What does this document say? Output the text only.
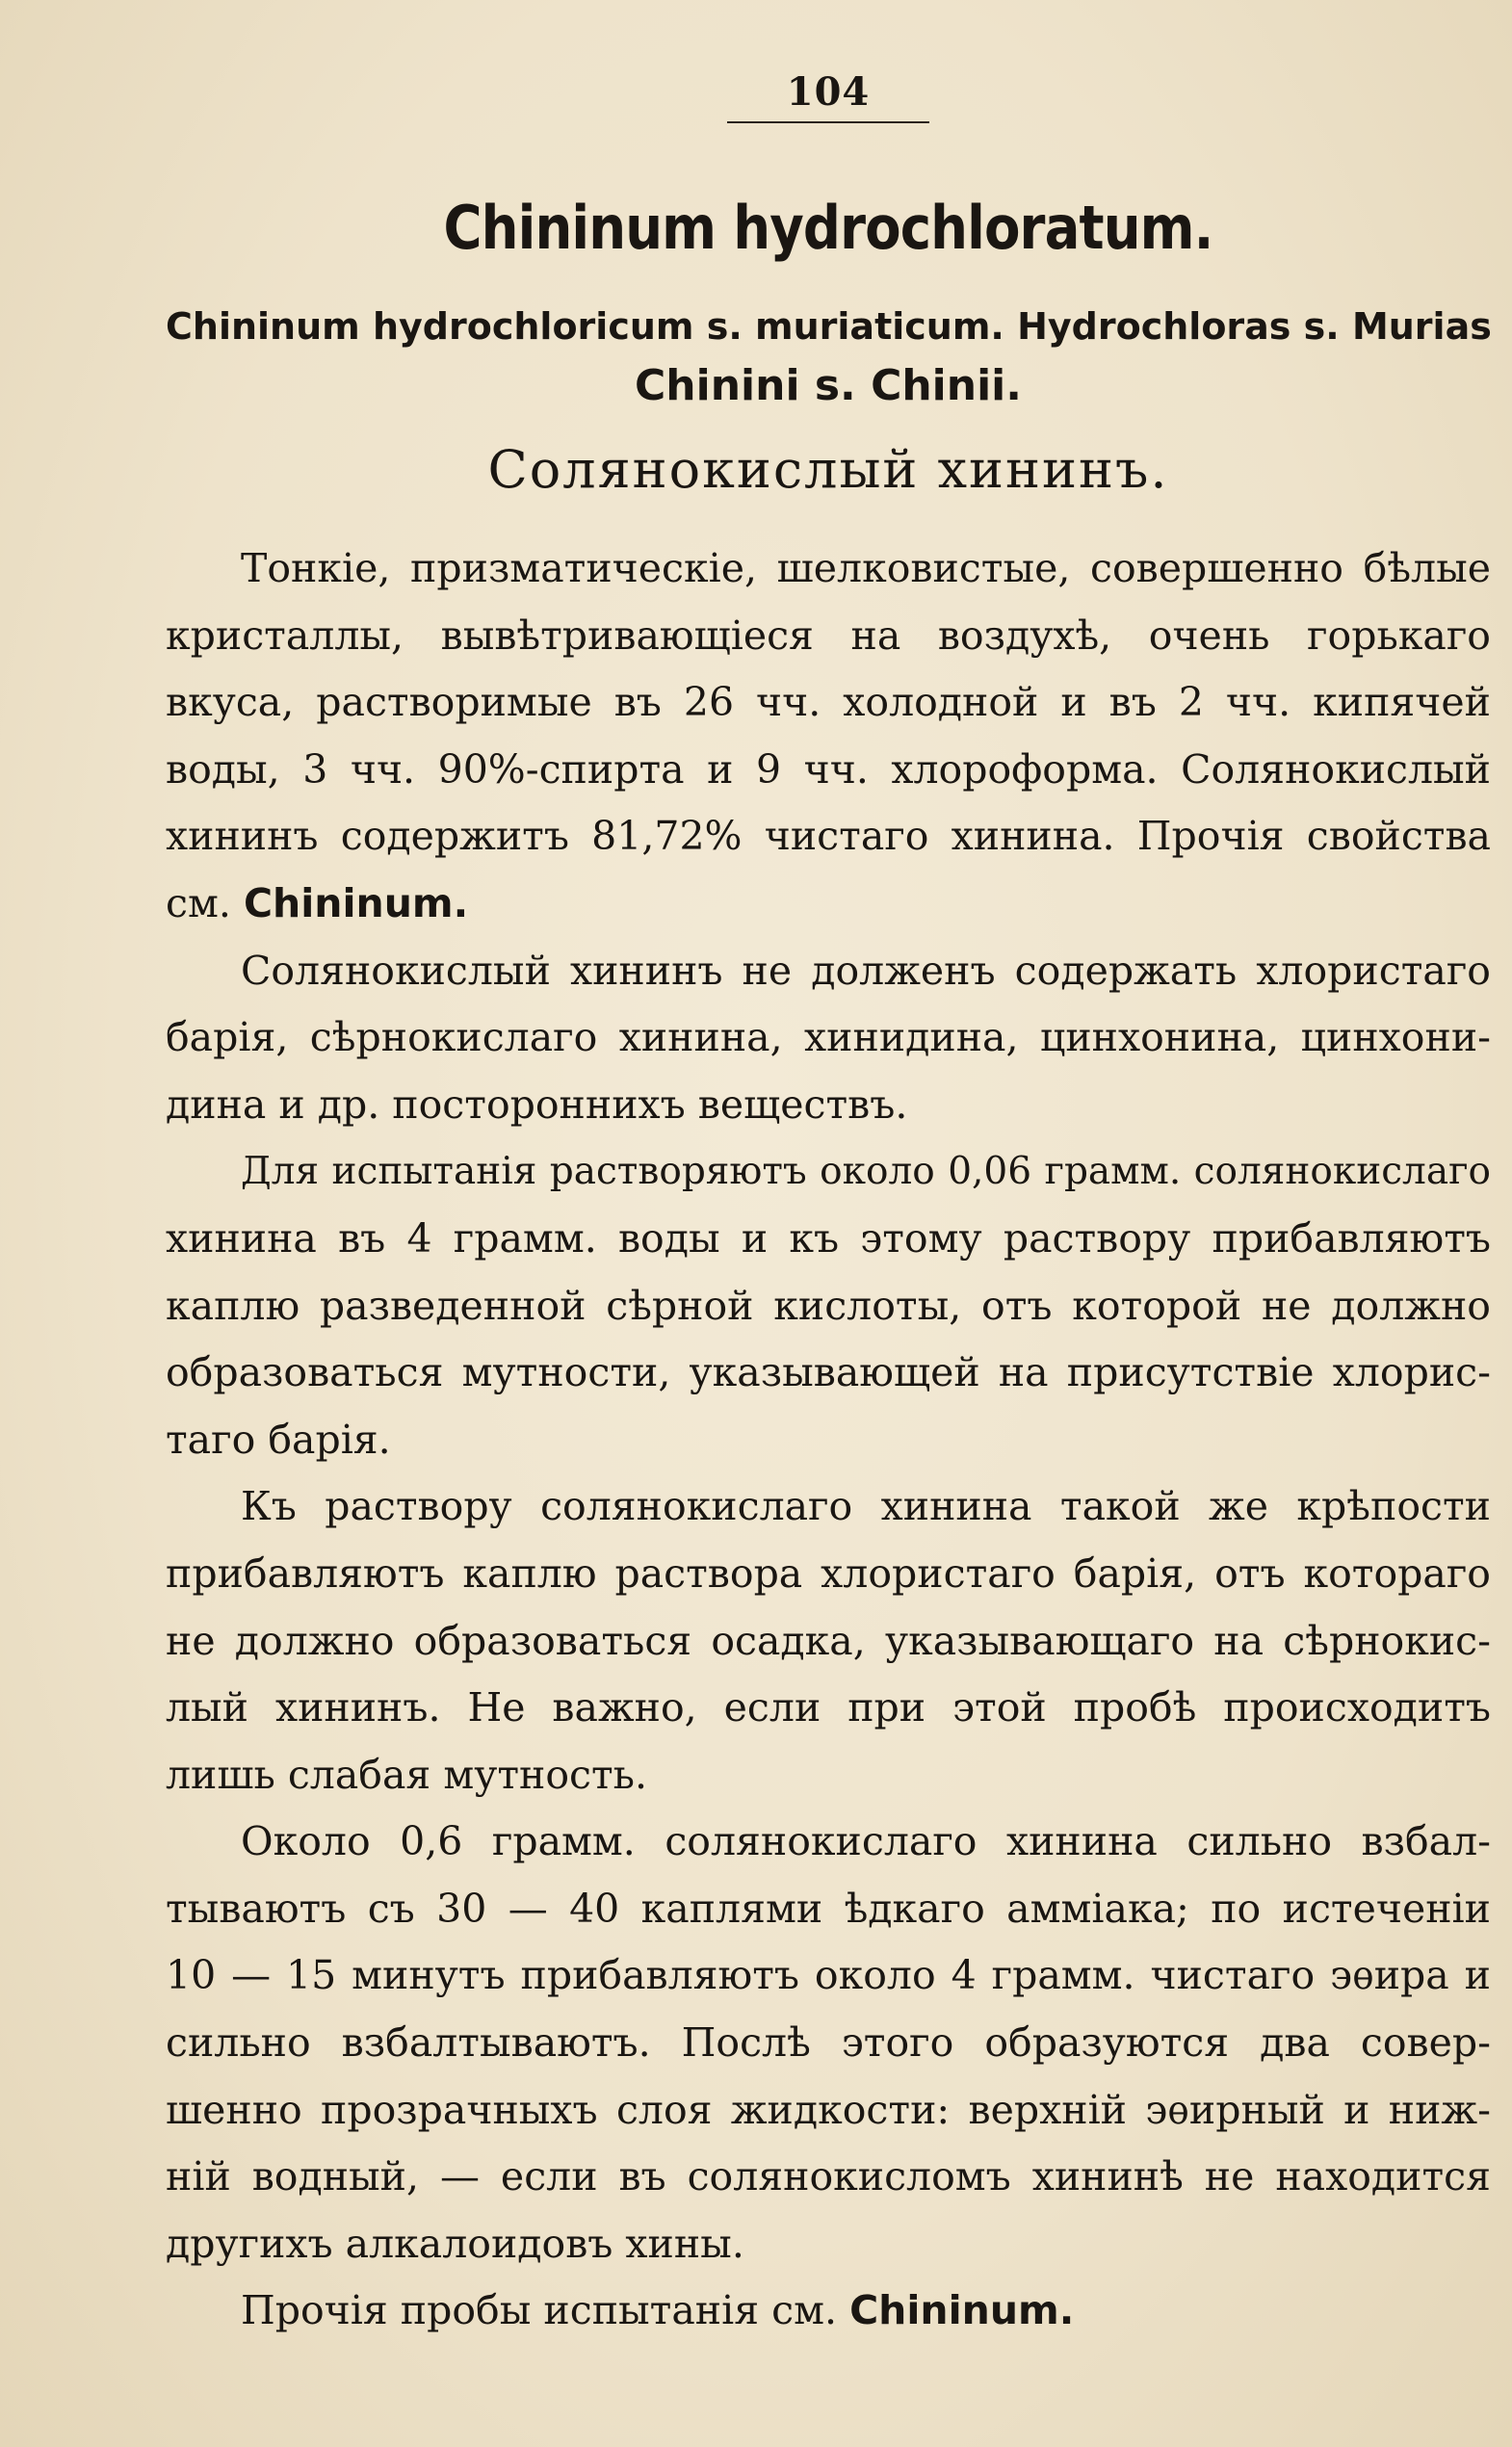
104
Chininum hydrochloratum.
Chininum hydrochloricum s. muriaticum. Hydrochloras s. Murias
Chinini s. Chinii.
Солянокислый хининъ.
Тонкіе, призматическіе, шелковистые, совершенно бѣлые
кристаллы, вывѣтривающіеся на воздухѣ, очень горькаго
вкуса, растворимые въ 26 чч. холодной и въ 2 чч. кипячей
воды, 3 чч. 90%-спирта и 9 чч. хлороформа. Солянокислый
хининъ содержитъ 81,72% чистаго хинина. Прочія свойства
см. Chininum.
Солянокислый хининъ не долженъ содержать хлористаго
барія, сѣрнокислаго хинина, хинидина, цинхонина, цинхони-
дина и др. постороннихъ веществъ.
Для испытанія растворяютъ около 0,06 грамм. солянокислаго
хинина въ 4 грамм. воды и къ этому раствору прибавляютъ
каплю разведенной сѣрной кислоты, отъ которой не должно
образоваться мутности, указывающей на присутствіе хлорис-
таго барія.
Къ раствору солянокислаго хинина такой же крѣпости
прибавляютъ каплю раствора хлористаго барія, отъ котораго
не должно образоваться осадка, указывающаго на сѣрнокис-
лый хининъ. Не важно, если при этой пробѣ происходитъ
лишь слабая мутность.
Около 0,6 грамм. солянокислаго хинина сильно взбал-
тываютъ съ 30 — 40 каплями ѣдкаго амміака; по истеченіи
10 — 15 минутъ прибавляютъ около 4 грамм. чистаго эѳира и
сильно взбалтываютъ. Послѣ этого образуются два совер-
шенно прозрачныхъ слоя жидкости: верхній эѳирный и ниж-
ній водный, — если въ солянокисломъ хининѣ не находится
другихъ алкалоидовъ хины.
Прочія пробы испытанія см. Chininum.
